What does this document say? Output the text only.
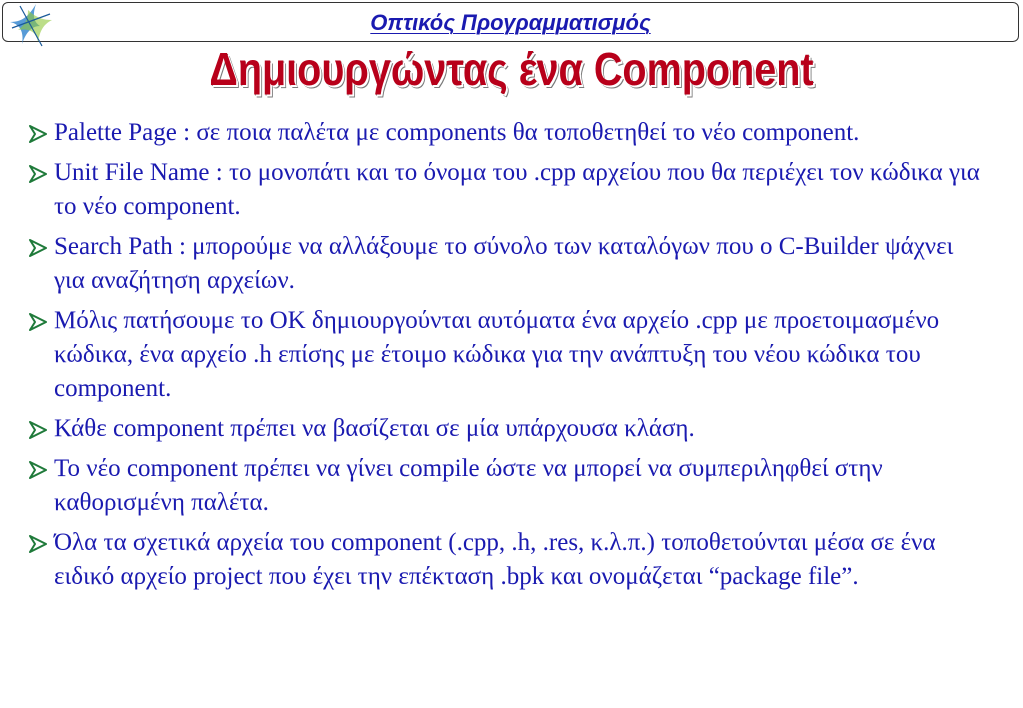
Οπτικός Προγραμματισμός
Δημιουργώντας ένα Component
Palette Page : σε ποια παλέτα με components θα τοποθετηθεί το νέο component.
Unit File Name : το μονοπάτι και το όνομα του .cpp αρχείου που θα περιέχει τον κώδικα για το νέο component.
Search Path : μπορούμε να αλλάξουμε το σύνολο των καταλόγων που ο C-Builder ψάχνει για αναζήτηση αρχείων.
Μόλις πατήσουμε το OK δημιουργούνται αυτόματα ένα αρχείο .cpp με προετοιμασμένο κώδικα, ένα αρχείο .h επίσης με έτοιμο κώδικα για την ανάπτυξη του νέου κώδικα του component.
Κάθε component πρέπει να βασίζεται σε μία υπάρχουσα κλάση.
Το νέο component πρέπει να γίνει compile ώστε να μπορεί να συμπεριληφθεί στην καθορισμένη παλέτα.
Όλα τα σχετικά αρχεία του component (.cpp, .h, .res, κ.λ.π.) τοποθετούνται μέσα σε ένα ειδικό αρχείο project που έχει την επέκταση .bpk και ονομάζεται “package file”.
